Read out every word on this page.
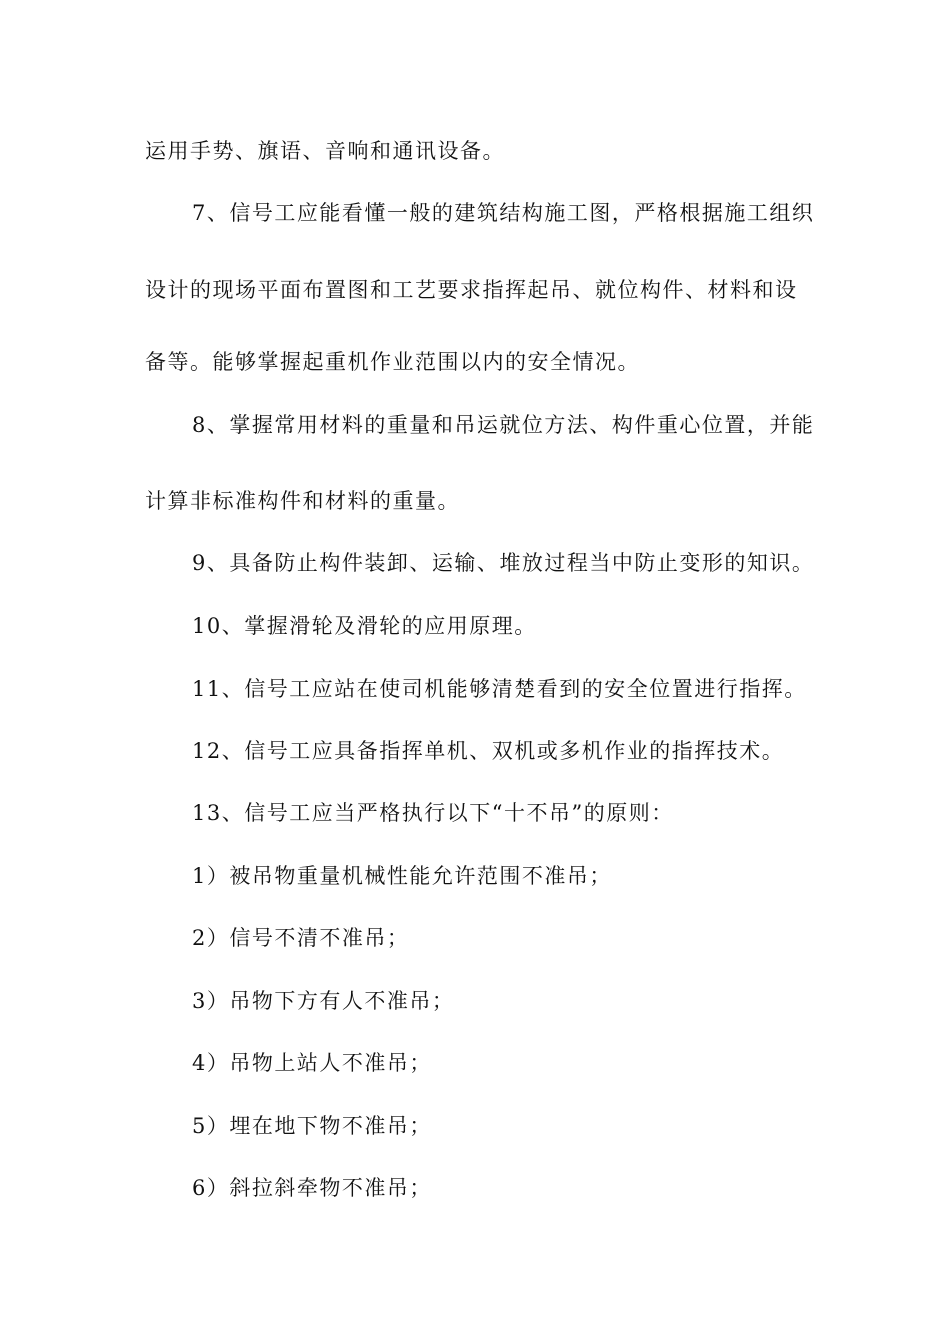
运用手势、旗语、音响和通讯设备。
7、信号工应能看懂一般的建筑结构施工图，严格根据施工组织
设计的现场平面布置图和工艺要求指挥起吊、就位构件、材料和设
备等。能够掌握起重机作业范围以内的安全情况。
8、掌握常用材料的重量和吊运就位方法、构件重心位置，并能
计算非标准构件和材料的重量。
9、具备防止构件装卸、运输、堆放过程当中防止变形的知识。
10、掌握滑轮及滑轮的应用原理。
11、信号工应站在使司机能够清楚看到的安全位置进行指挥。
12、信号工应具备指挥单机、双机或多机作业的指挥技术。
13、信号工应当严格执行以下“十不吊”的原则：
1）被吊物重量机械性能允许范围不准吊；
2）信号不清不准吊；
3）吊物下方有人不准吊；
4）吊物上站人不准吊；
5）埋在地下物不准吊；
6）斜拉斜牵物不准吊；
